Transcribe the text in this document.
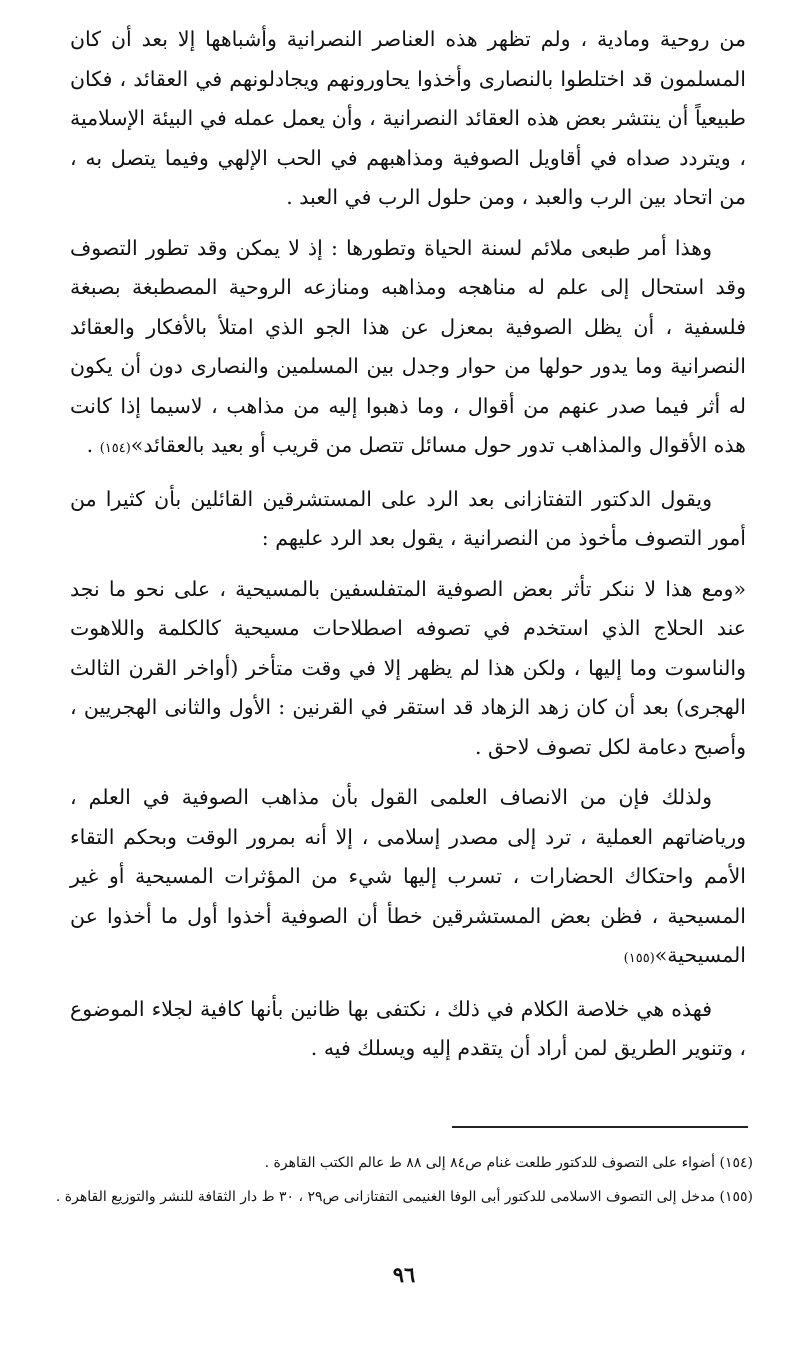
من روحية ومادية ، ولم تظهر هذه العناصر النصرانية وأشباهها إلا بعد أن كان المسلمون قد اختلطوا بالنصارى وأخذوا يحاورونهم ويجادلونهم في العقائد ، فكان طبيعياً أن ينتشر بعض هذه العقائد النصرانية ، وأن يعمل عمله في البيئة الإسلامية ، ويتردد صداه في أقاويل الصوفية ومذاهبهم في الحب الإلهي وفيما يتصل به ، من اتحاد بين الرب والعبد ، ومن حلول الرب في العبد .

وهذا أمر طبعى ملائم لسنة الحياة وتطورها : إذ لا يمكن وقد تطور التصوف وقد استحال إلى علم له مناهجه ومذاهبه ومنازعه الروحية المصطبغة بصبغة فلسفية ، أن يظل الصوفية بمعزل عن هذا الجو الذي امتلأ بالأفكار والعقائد النصرانية وما يدور حولها من حوار وجدل بين المسلمين والنصارى دون أن يكون له أثر فيما صدر عنهم من أقوال ، وما ذهبوا إليه من مذاهب ، لاسيما إذا كانت هذه الأقوال والمذاهب تدور حول مسائل تتصل من قريب أو بعيد بالعقائد»(١٥٤) .

ويقول الدكتور التفتازانى بعد الرد على المستشرقين القائلين بأن كثيرا من أمور التصوف مأخوذ من النصرانية ، يقول بعد الرد عليهم :

«ومع هذا لا ننكر تأثر بعض الصوفية المتفلسفين بالمسيحية ، على نحو ما نجد عند الحلاج الذي استخدم في تصوفه اصطلاحات مسيحية كالكلمة واللاهوت والناسوت وما إليها ، ولكن هذا لم يظهر إلا في وقت متأخر (أواخر القرن الثالث الهجرى) بعد أن كان زهد الزهاد قد استقر في القرنين : الأول والثانى الهجريين ، وأصبح دعامة لكل تصوف لاحق .

ولذلك فإن من الانصاف العلمى القول بأن مذاهب الصوفية في العلم ، ورياضاتهم العملية ، ترد إلى مصدر إسلامى ، إلا أنه بمرور الوقت وبحكم التقاء الأمم واحتكاك الحضارات ، تسرب إليها شيء من المؤثرات المسيحية أو غير المسيحية ، فظن بعض المستشرقين خطأ أن الصوفية أخذوا أول ما أخذوا عن المسيحية»(١٥٥)

فهذه هي خلاصة الكلام في ذلك ، نكتفى بها ظانين بأنها كافية لجلاء الموضوع ، وتنوير الطريق لمن أراد أن يتقدم إليه ويسلك فيه .

(١٥٤) أضواء على التصوف للدكتور طلعت غنام ص٨٤ إلى ٨٨ ط عالم الكتب القاهرة .

(١٥٥) مدخل إلى التصوف الاسلامى للدكتور أبى الوفا الغنيمى التفتازانى ص٢٩ ، ٣٠ ط دار الثقافة للنشر والتوزيع القاهرة .

٩٦
